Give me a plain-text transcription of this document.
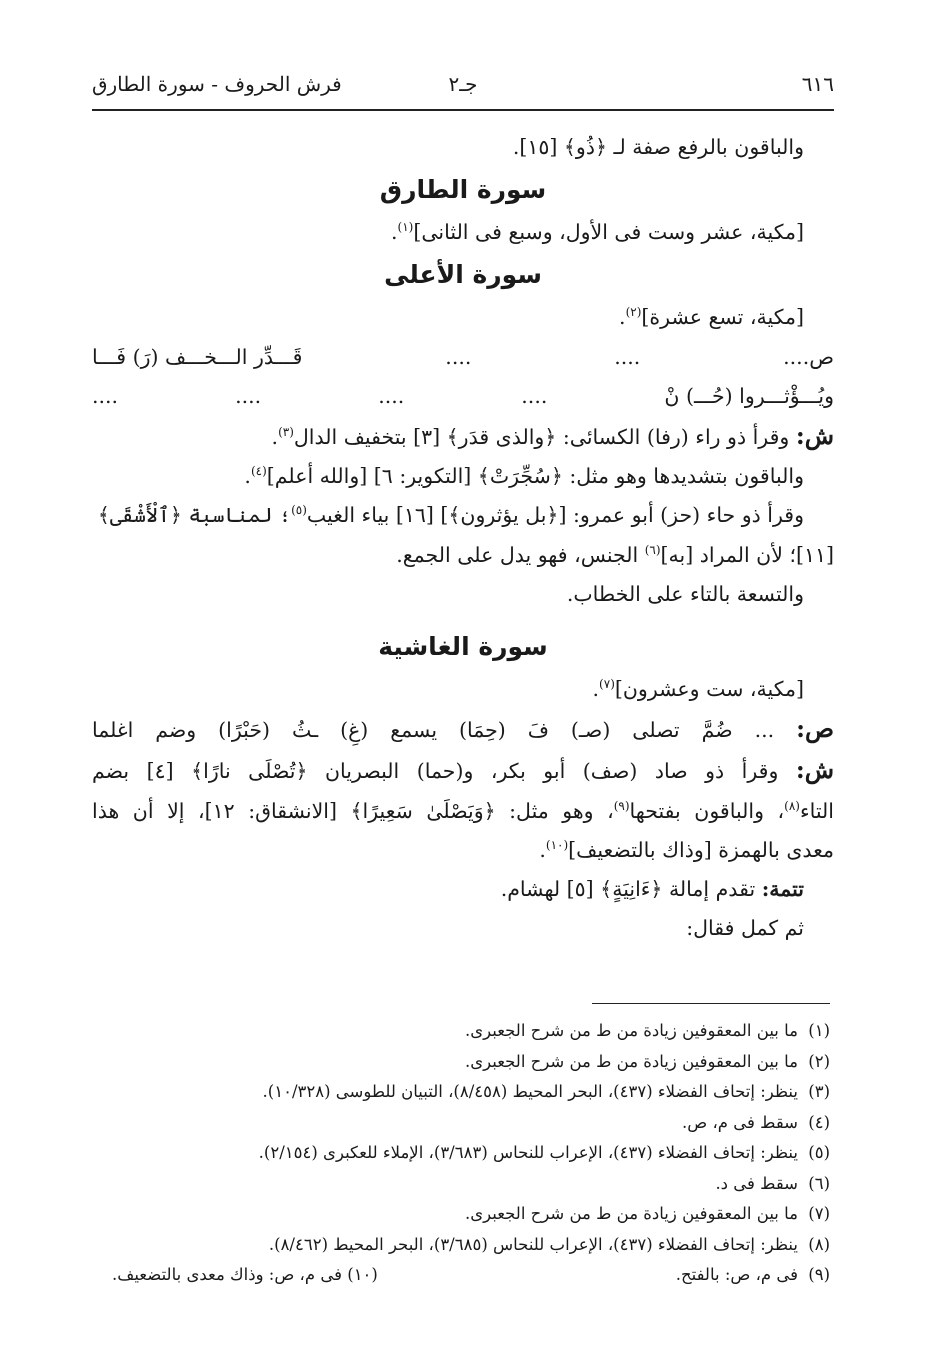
٦١٦
جـ٢
فرش الحروف - سورة الطارق

والباقون بالرفع صفة لـ ﴿ذُو﴾ [١٥].

سورة الطارق

[مكية، عشر وست فى الأول، وسبع فى الثانى]$^{(١)}$.

سورة الأعلى

[مكية، تسع عشرة]$^{(٢)}$.

ص....
....
....
قَـــدِّر الـــخـــف (رَ) فَـــا

ويُـــؤْثـــروا (حُـــ) نْ
....
....
....
....

ش: وقرأ ذو راء (رفا) الكسائى: ﴿والذى قدَر﴾ [٣] بتخفيف الدال$^{(٣)}$.

والباقون بتشديدها وهو مثل: ﴿سُجِّرَتْ﴾ [التكوير: ٦] [والله أعلم]$^{(٤)}$.

وقرأ ذو حاء (حز) أبو عمرو: [﴿بل يؤثرون﴾] [١٦] بياء الغيب$^{(٥)}$؛ لمناسبة ﴿ٱلْأَشْقَى﴾

[١١]؛ لأن المراد [به]$^{(٦)}$ الجنس، فهو يدل على الجمع.

والتسعة بالتاء على الخطاب.

سورة الغاشية

[مكية، ست وعشرون]$^{(٧)}$.

ص: ... ضُمَّ تصلى (صـ) فَ (حِمَا) يسمع (غِ) ـثُ (حَبْرًا) وضم اغلما

ش: وقرأ ذو صاد (صف) أبو بكر، و(حما) البصريان ﴿تُصْلَى نارًا﴾ [٤] بضم

التاء$^{(٨)}$، والباقون بفتحها$^{(٩)}$، وهو مثل: ﴿وَيَصْلَىٰ سَعِيرًا﴾ [الانشقاق: ١٢]، إلا أن هذا

معدى بالهمزة [وذاك بالتضعيف]$^{(١٠)}$.

تتمة: تقدم إمالة ﴿ءَانِيَةٍ﴾ [٥] لهشام.

ثم كمل فقال:

(١)ما بين المعقوفين زيادة من ط من شرح الجعبرى.

(٢)ما بين المعقوفين زيادة من ط من شرح الجعبرى.

(٣)ينظر: إتحاف الفضلاء (٤٣٧)، البحر المحيط (٨/٤٥٨)، التبيان للطوسى (١٠/٣٢٨).

(٤)سقط فى م، ص.

(٥)ينظر: إتحاف الفضلاء (٤٣٧)، الإعراب للنحاس (٣/٦٨٣)، الإملاء للعكبرى (٢/١٥٤).

(٦)سقط فى د.

(٧)ما بين المعقوفين زيادة من ط من شرح الجعبرى.

(٨)ينظر: إتحاف الفضلاء (٤٣٧)، الإعراب للنحاس (٣/٦٨٥)، البحر المحيط (٨/٤٦٢).

(٩)فى م، ص: بالفتح.
(١٠) فى م، ص: وذاك معدى بالتضعيف.
